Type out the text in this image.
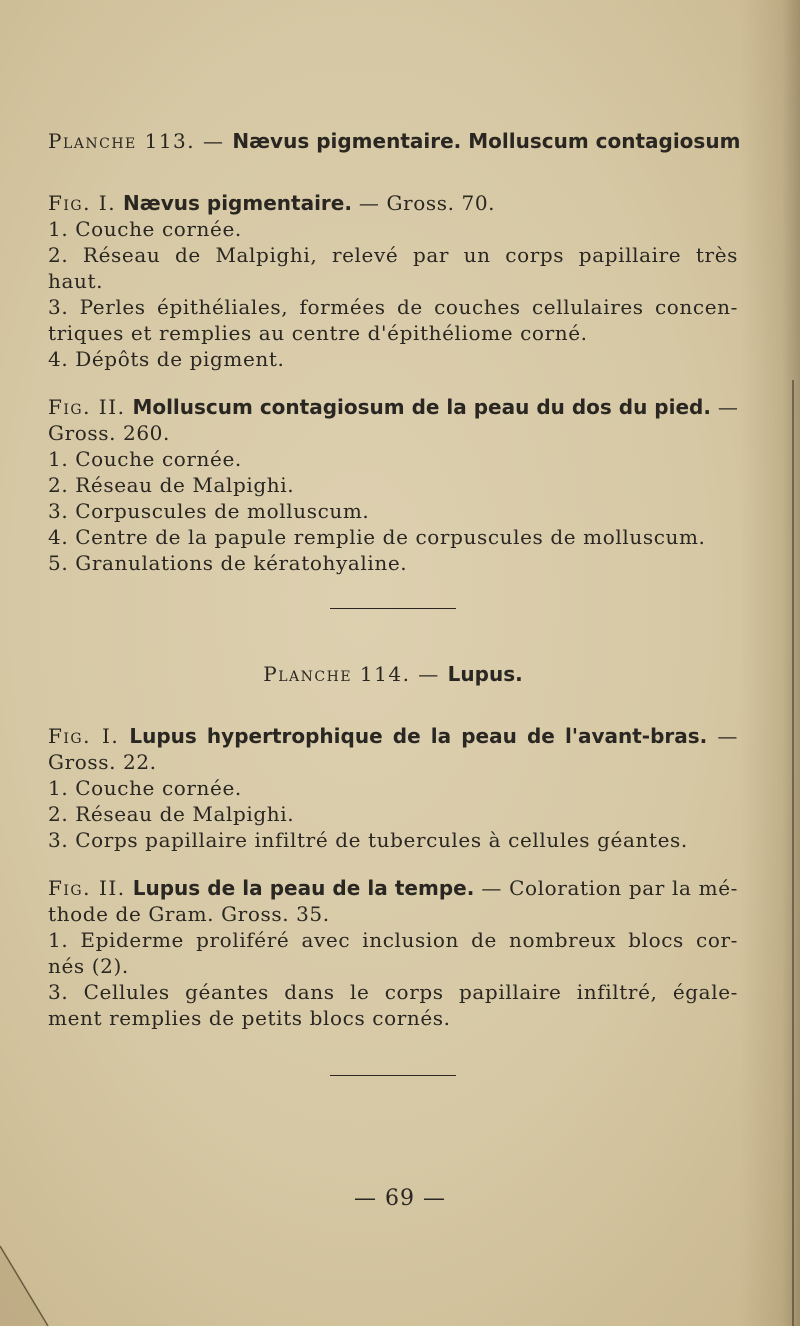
Planche 113. — Nævus pigmentaire. Molluscum contagiosum
Fig. I. Nævus pigmentaire. — Gross. 70.
1. Couche cornée.
2. Réseau de Malpighi, relevé par un corps papillaire très
haut.
3. Perles épithéliales, formées de couches cellulaires concen-
triques et remplies au centre d'épithéliome corné.
4. Dépôts de pigment.
Fig. II. Molluscum contagiosum de la peau du dos du pied. —
Gross. 260.
1. Couche cornée.
2. Réseau de Malpighi.
3. Corpuscules de molluscum.
4. Centre de la papule remplie de corpuscules de molluscum.
5. Granulations de kératohyaline.
Planche 114. — Lupus.
Fig. I. Lupus hypertrophique de la peau de l'avant-bras. —
Gross. 22.
1. Couche cornée.
2. Réseau de Malpighi.
3. Corps papillaire infiltré de tubercules à cellules géantes.
Fig. II. Lupus de la peau de la tempe. — Coloration par la mé-
thode de Gram. Gross. 35.
1. Epiderme proliféré avec inclusion de nombreux blocs cor-
nés (2).
3. Cellules géantes dans le corps papillaire infiltré, égale-
ment remplies de petits blocs cornés.
— 69 —
